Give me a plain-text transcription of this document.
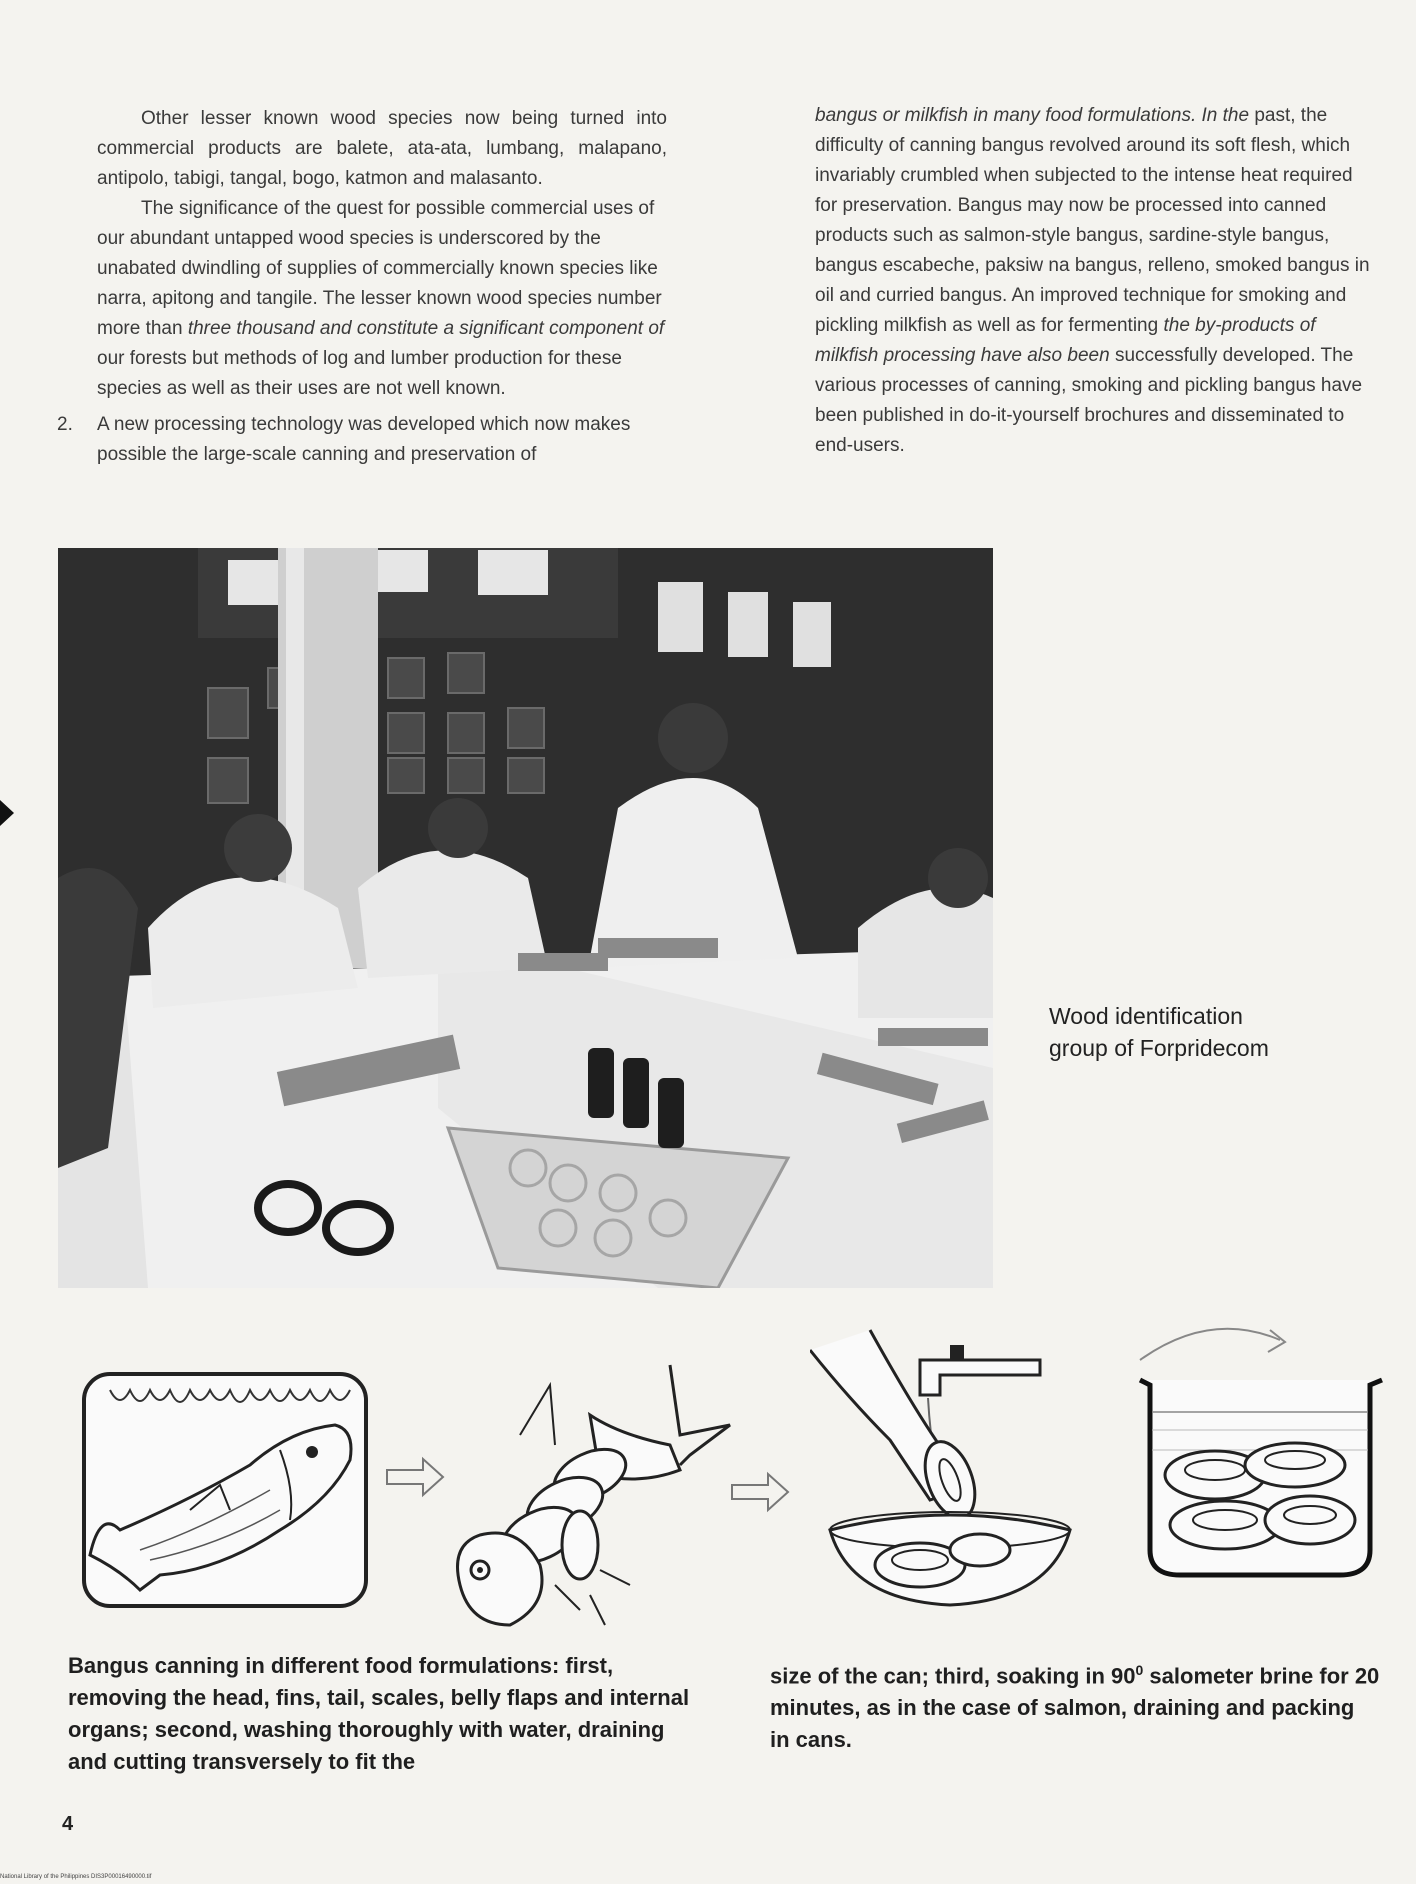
Other lesser known wood species now being turned into commercial products are balete, ata-ata, lumbang, malapano, antipolo, tabigi, tangal, bogo, katmon and malasanto.

The significance of the quest for possible commercial uses of our abundant untapped wood species is underscored by the unabated dwindling of supplies of commercially known species like narra, apitong and tangile. The lesser known wood species number more than three thousand and constitute a significant component of our forests but methods of log and lumber production for these species as well as their uses are not well known.

2. A new processing technology was developed which now makes possible the large-scale canning and preservation of

bangus or milkfish in many food formulations. In the past, the difficulty of canning bangus revolved around its soft flesh, which invariably crumbled when subjected to the intense heat required for preservation. Bangus may now be processed into canned products such as salmon-style bangus, sardine-style bangus, bangus escabeche, paksiw na bangus, relleno, smoked bangus in oil and curried bangus. An improved technique for smoking and pickling milkfish as well as for fermenting the by-products of milkfish processing have also been successfully developed. The various processes of canning, smoking and pickling bangus have been published in do-it-yourself brochures and disseminated to end-users.

Wood identification
group of Forpridecom
Bangus canning in different food formulations: first, removing the head, fins, tail, scales, belly flaps and internal organs; second, washing thoroughly with water, draining and cutting transversely to fit the
size of the can; third, soaking in $90^0$ salometer brine for 20 minutes, as in the case of salmon, draining and packing in cans.
4
National Library of the Philippines DIS3P00016490000.tif
